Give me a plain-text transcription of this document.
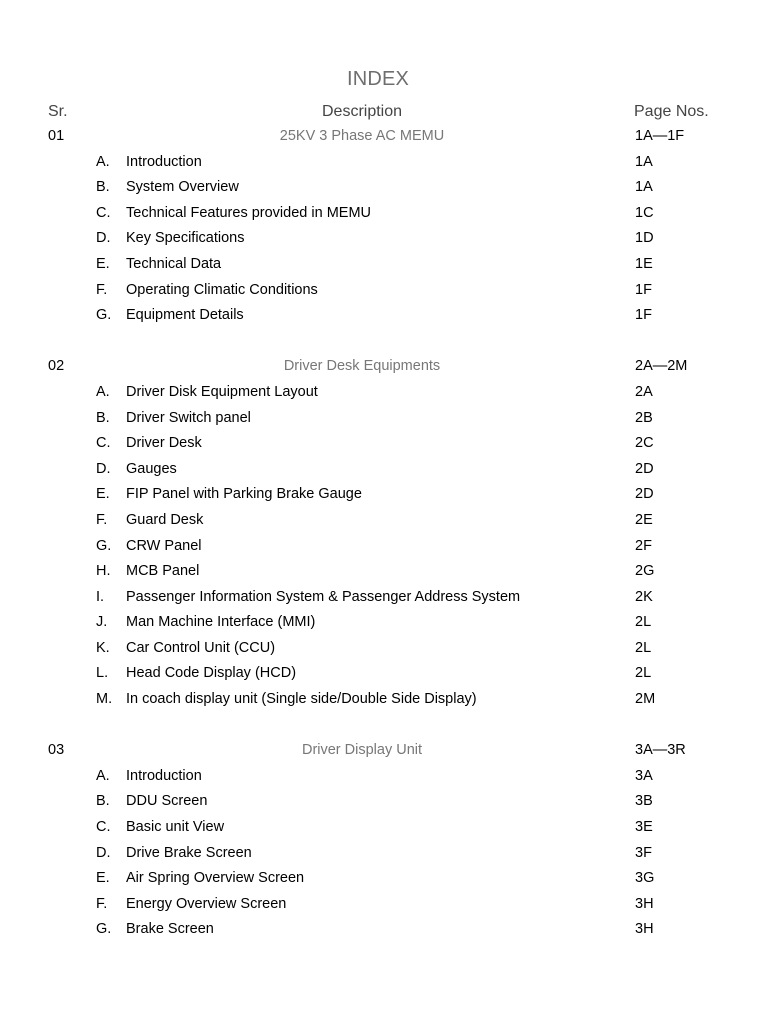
INDEX
Sr.	Description	Page Nos.
01	25KV 3 Phase AC MEMU	1A—1F
A. Introduction	1A
B. System Overview	1A
C. Technical Features provided in MEMU	1C
D. Key Specifications	1D
E. Technical Data	1E
F. Operating Climatic Conditions	1F
G. Equipment Details	1F
02	Driver Desk Equipments	2A—2M
A. Driver Disk Equipment Layout	2A
B. Driver Switch panel	2B
C. Driver Desk	2C
D. Gauges	2D
E. FIP Panel with Parking Brake Gauge	2D
F. Guard Desk	2E
G. CRW Panel	2F
H. MCB Panel	2G
I. Passenger Information System & Passenger Address System	2K
J. Man Machine Interface (MMI)	2L
K. Car Control Unit (CCU)	2L
L. Head Code Display (HCD)	2L
M. In coach display unit (Single side/Double Side Display)	2M
03	Driver Display Unit	3A—3R
A. Introduction	3A
B. DDU Screen	3B
C. Basic unit View	3E
D. Drive Brake Screen	3F
E. Air Spring Overview Screen	3G
F. Energy Overview Screen	3H
G. Brake Screen	3H
